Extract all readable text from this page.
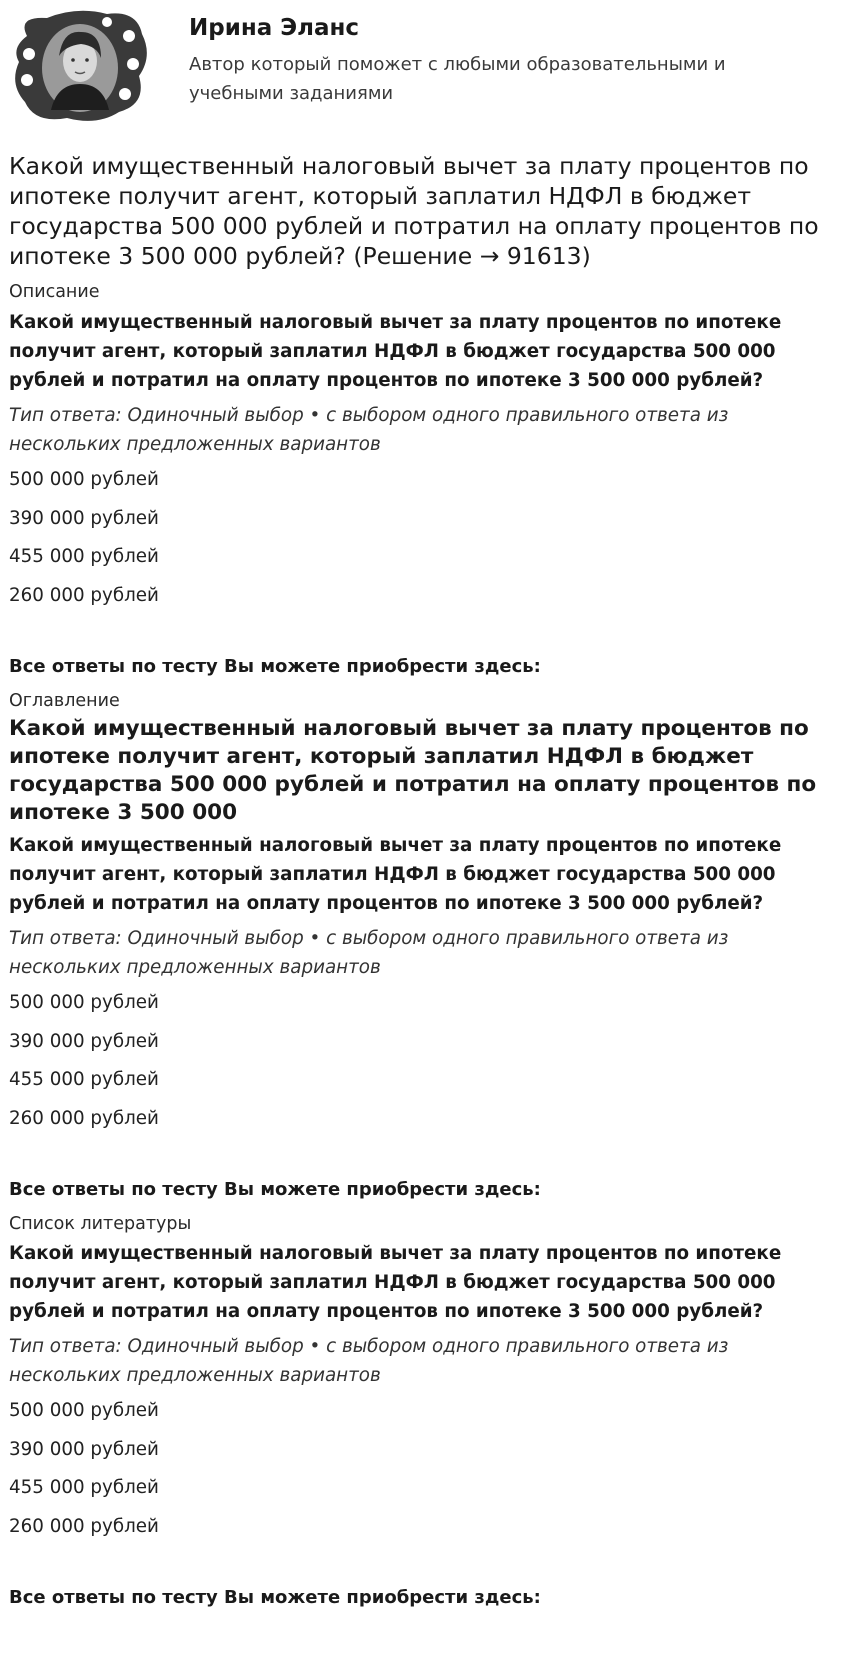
Ирина Эланс
Автор который поможет с любыми образовательными и учебными заданиями
Какой имущественный налоговый вычет за плату процентов по ипотеке получит агент, который заплатил НДФЛ в бюджет государства 500 000 рублей и потратил на оплату процентов по ипотеке 3 500 000 рублей? (Решение → 91613)
Описание
Какой имущественный налоговый вычет за плату процентов по ипотеке получит агент, который заплатил НДФЛ в бюджет государства 500 000 рублей и потратил на оплату процентов по ипотеке 3 500 000 рублей?
Тип ответа: Одиночный выбор • с выбором одного правильного ответа из нескольких предложенных вариантов
500 000 рублей
390 000 рублей
455 000 рублей
260 000 рублей
Все ответы по тесту Вы можете приобрести здесь:
Оглавление
Какой имущественный налоговый вычет за плату процентов по ипотеке получит агент, который заплатил НДФЛ в бюджет государства 500 000 рублей и потратил на оплату процентов по ипотеке 3 500 000
Какой имущественный налоговый вычет за плату процентов по ипотеке получит агент, который заплатил НДФЛ в бюджет государства 500 000 рублей и потратил на оплату процентов по ипотеке 3 500 000 рублей?
Тип ответа: Одиночный выбор • с выбором одного правильного ответа из нескольких предложенных вариантов
500 000 рублей
390 000 рублей
455 000 рублей
260 000 рублей
Все ответы по тесту Вы можете приобрести здесь:
Список литературы
Какой имущественный налоговый вычет за плату процентов по ипотеке получит агент, который заплатил НДФЛ в бюджет государства 500 000 рублей и потратил на оплату процентов по ипотеке 3 500 000 рублей?
Тип ответа: Одиночный выбор • с выбором одного правильного ответа из нескольких предложенных вариантов
500 000 рублей
390 000 рублей
455 000 рублей
260 000 рублей
Все ответы по тесту Вы можете приобрести здесь:
